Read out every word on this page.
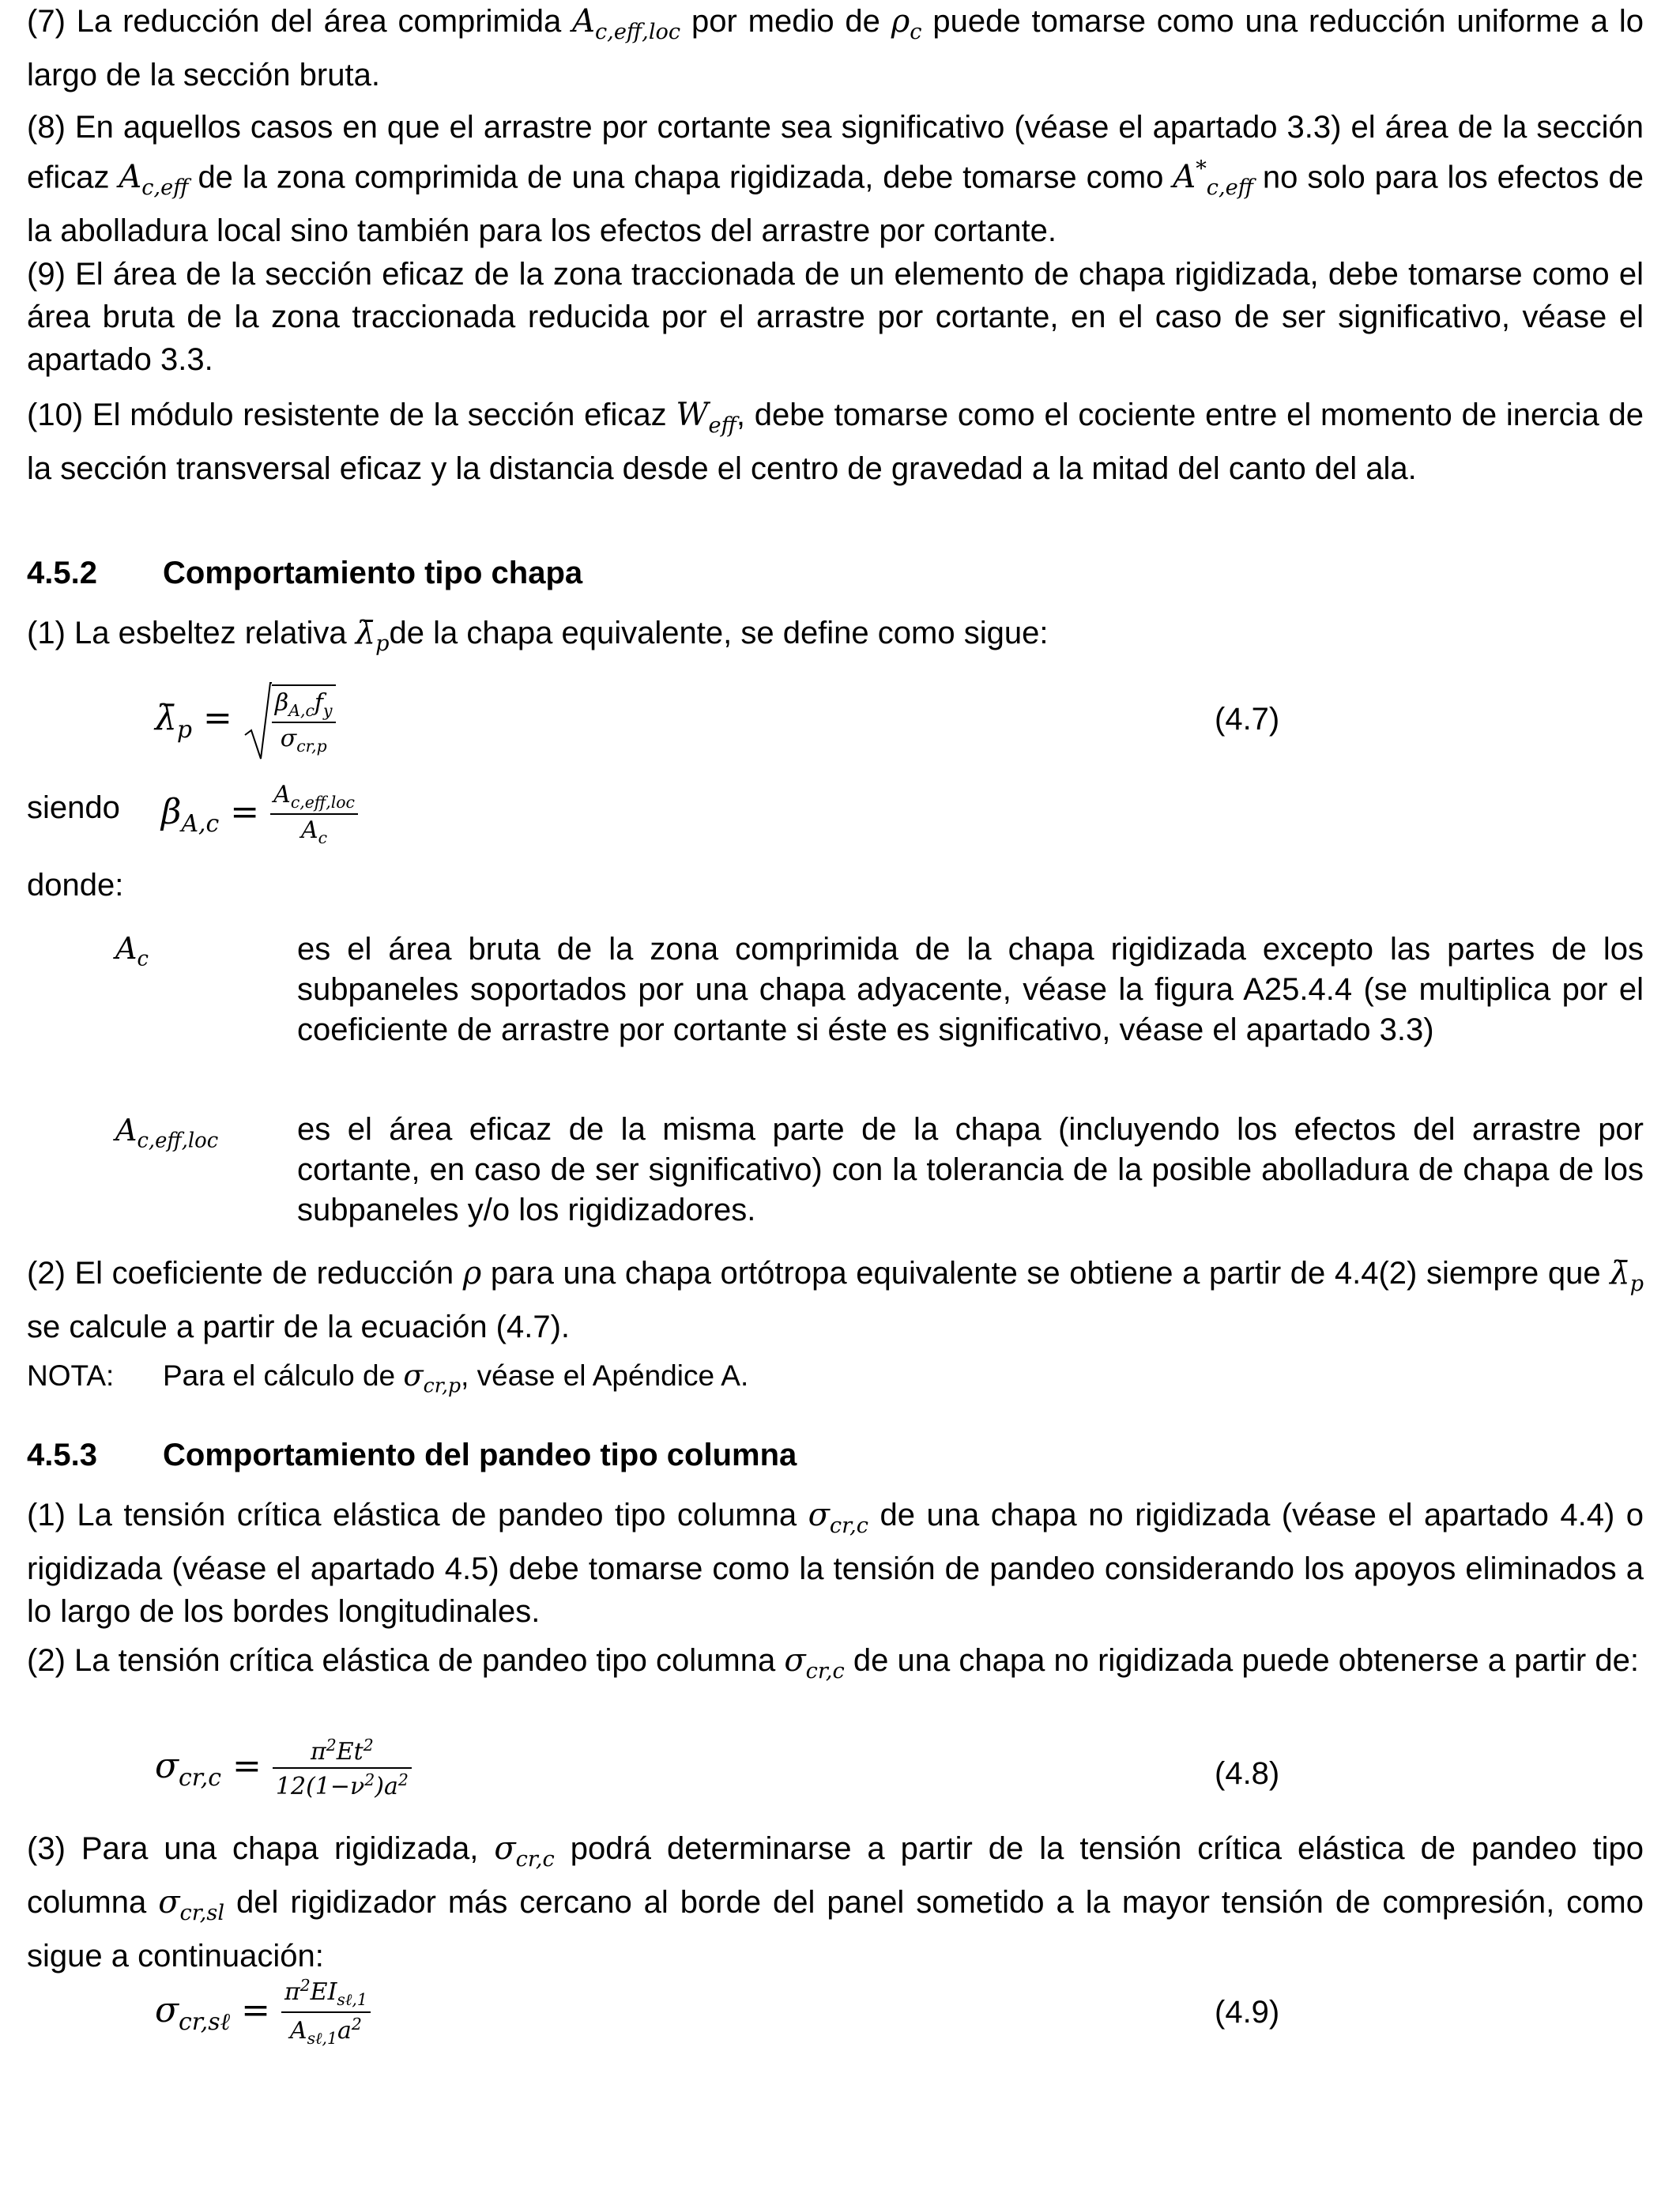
(7) La reducción del área comprimida $A_{c,eff,loc}$ por medio de $\rho_c$ puede tomarse como una reducción uniforme a lo largo de la sección bruta.

(8) En aquellos casos en que el arrastre por cortante sea significativo (véase el apartado 3.3) el área de la sección eficaz $A_{c,eff}$ de la zona comprimida de una chapa rigidizada, debe tomarse como $A^*_{c,eff}$ no solo para los efectos de la abolladura local sino también para los efectos del arrastre por cortante.

(9) El área de la sección eficaz de la zona traccionada de un elemento de chapa rigidizada, debe tomarse como el área bruta de la zona traccionada reducida por el arrastre por cortante, en el caso de ser significativo, véase el apartado 3.3.

(10) El módulo resistente de la sección eficaz $W_{eff}$, debe tomarse como el cociente entre el momento de inercia de la sección transversal eficaz y la distancia desde el centro de gravedad a la mitad del canto del ala.

4.5.2 Comportamiento tipo chapa

(1) La esbeltez relativa $\lambdā_pde$ la chapa equivalente, se define como sigue:

$\lambdā_p = \frac{\beta_{A,c}f_y}{\sigma_{cr,p}}$	(4.7)
siendo $\beta_{A,c} = \frac{A_{c,eff,loc}}{A_c}$
donde:
$A_c$	es el área bruta de la zona comprimida de la chapa rigidizada excepto las partes de los subpaneles soportados por una chapa adyacente, véase la figura A25.4.4 (se multiplica por el coeficiente de arrastre por cortante si éste es significativo, véase el apartado 3.3)
$A_{c,eff,loc}$ es el área eficaz de la misma parte de la chapa (incluyendo los efectos del arrastre por cortante, en caso de ser significativo) con la tolerancia de la posible abolladura de chapa de los subpaneles y/o los rigidizadores.

(2) El coeficiente de reducción ρ para una chapa ortótropa equivalente se obtiene a partir de 4.4(2) siempre que $\lambdā_p$ se calcule a partir de la ecuación (4.7).

NOTA: Para el cálculo de $\sigma_{cr,p}$, véase el Apéndice A.
4.5.3 Comportamiento del pandeo tipo columna

(1) La tensión crítica elástica de pandeo tipo columna $\sigma_{cr,c}$ de una chapa no rigidizada (véase el apartado 4.4) o rigidizada (véase el apartado 4.5) debe tomarse como la tensión de pandeo considerando los apoyos eliminados a lo largo de los bordes longitudinales.

(2) La tensión crítica elástica de pandeo tipo columna $\sigma_{cr,c}$ de una chapa no rigidizada puede obtenerse a partir de:

$\sigma_{cr,c} = \frac{\pi^2Et^2}{12(1-\nu^2)a^2}$	(4.8)

(3) Para una chapa rigidizada, $\sigma_{cr,c}$ podrá determinarse a partir de la tensión crítica elástica de pandeo tipo columna $\sigma_{cr,sl}$ del rigidizador más cercano al borde del panel sometido a la mayor tensión de compresión, como sigue a continuación:

$\sigma_{cr,s\ell} = \frac{\pi^2EI_{s\ell,1}}{A_{s\ell,1}a^2}$	(4.9)
